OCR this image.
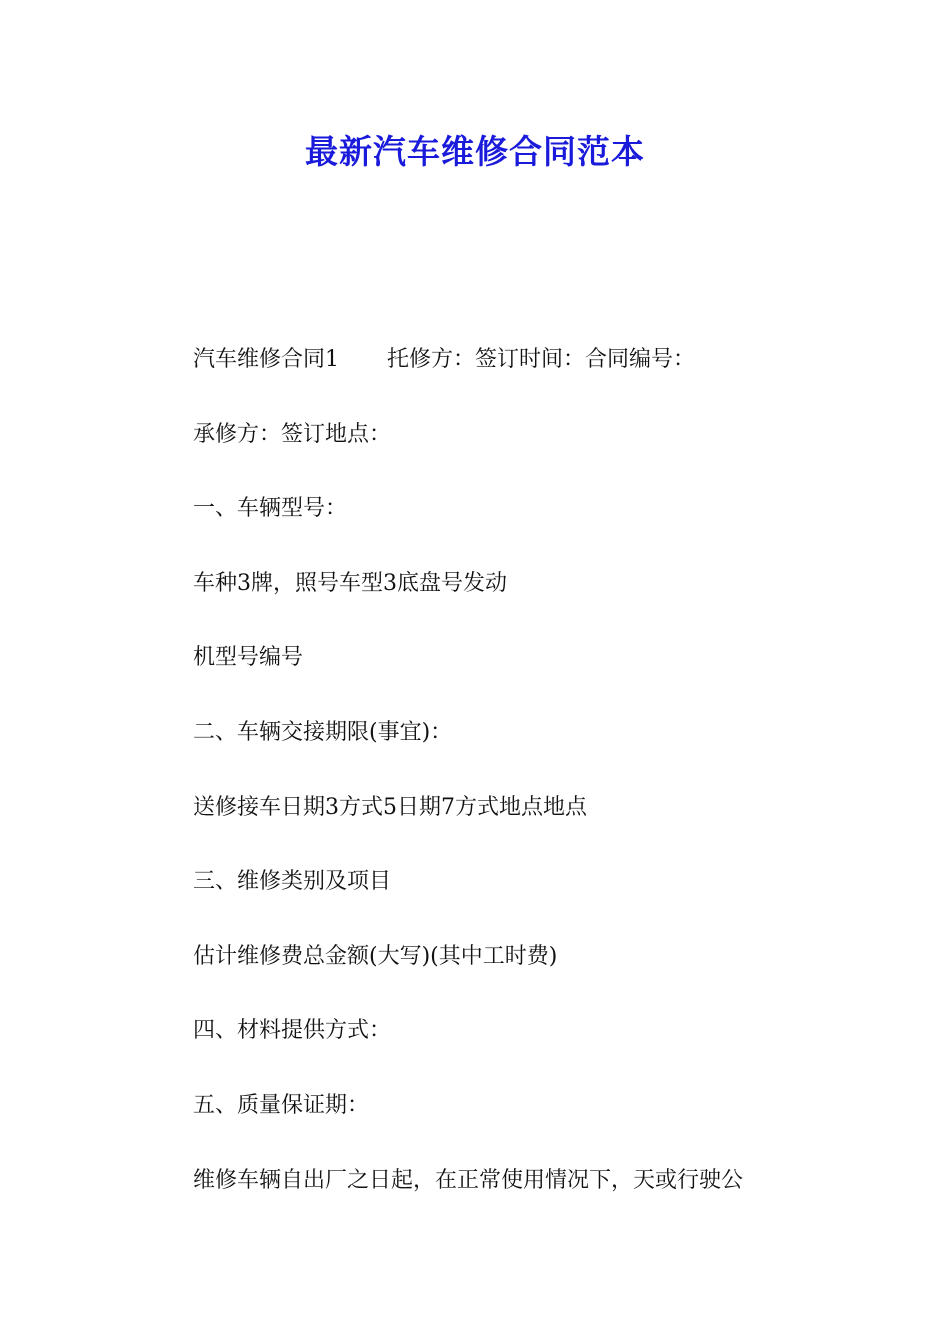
最新汽车维修合同范本
汽车维修合同1 托修方：签订时间：合同编号：
承修方：签订地点：
一、车辆型号：
车种3牌，照号车型3底盘号发动
机型号编号
二、车辆交接期限(事宜)：
送修接车日期3方式5日期7方式地点地点
三、维修类别及项目
估计维修费总金额(大写)(其中工时费)
四、材料提供方式：
五、质量保证期：
维修车辆自出厂之日起，在正常使用情况下，天或行驶公
